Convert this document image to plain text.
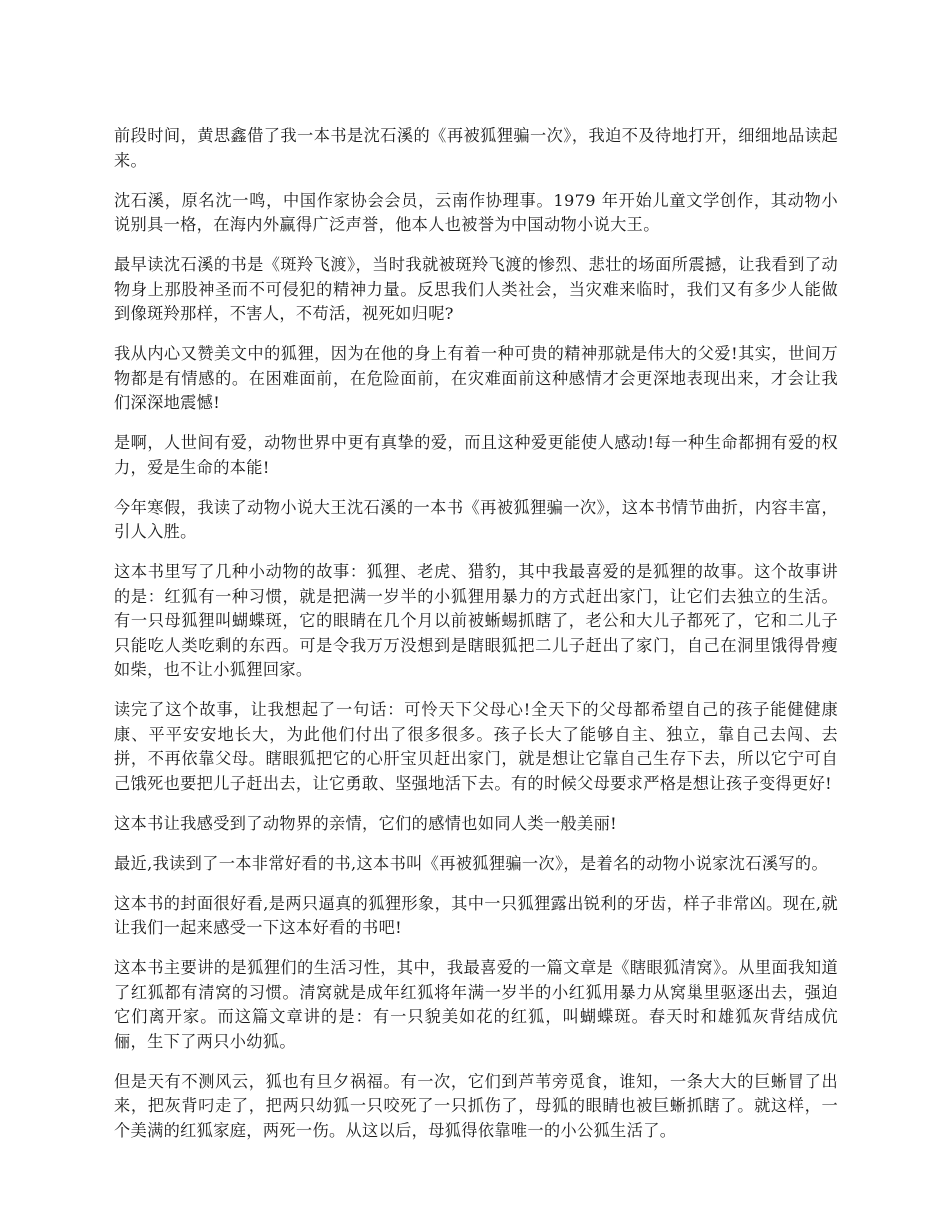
前段时间，黄思鑫借了我一本书是沈石溪的《再被狐狸骗一次》，我迫不及待地打开，细细地品读起来。

沈石溪，原名沈一鸣，中国作家协会会员，云南作协理事。1979 年开始儿童文学创作，其动物小说别具一格，在海内外赢得广泛声誉，他本人也被誉为中国动物小说大王。

最早读沈石溪的书是《斑羚飞渡》，当时我就被斑羚飞渡的惨烈、悲壮的场面所震撼，让我看到了动物身上那股神圣而不可侵犯的精神力量。反思我们人类社会，当灾难来临时，我们又有多少人能做到像斑羚那样，不害人，不苟活，视死如归呢?

我从内心又赞美文中的狐狸，因为在他的身上有着一种可贵的精神那就是伟大的父爱!其实，世间万物都是有情感的。在困难面前，在危险面前，在灾难面前这种感情才会更深地表现出来，才会让我们深深地震憾!

是啊，人世间有爱，动物世界中更有真挚的爱，而且这种爱更能使人感动!每一种生命都拥有爱的权力，爱是生命的本能!

今年寒假，我读了动物小说大王沈石溪的一本书《再被狐狸骗一次》，这本书情节曲折，内容丰富，引人入胜。

这本书里写了几种小动物的故事：狐狸、老虎、猎豹，其中我最喜爱的是狐狸的故事。这个故事讲的是：红狐有一种习惯，就是把满一岁半的小狐狸用暴力的方式赶出家门，让它们去独立的生活。有一只母狐狸叫蝴蝶斑，它的眼睛在几个月以前被蜥蜴抓瞎了，老公和大儿子都死了，它和二儿子只能吃人类吃剩的东西。可是令我万万没想到是瞎眼狐把二儿子赶出了家门，自己在洞里饿得骨瘦如柴，也不让小狐狸回家。

读完了这个故事，让我想起了一句话：可怜天下父母心!全天下的父母都希望自己的孩子能健健康康、平平安安地长大，为此他们付出了很多很多。孩子长大了能够自主、独立，靠自己去闯、去拼，不再依靠父母。瞎眼狐把它的心肝宝贝赶出家门，就是想让它靠自己生存下去，所以它宁可自己饿死也要把儿子赶出去，让它勇敢、坚强地活下去。有的时候父母要求严格是想让孩子变得更好!

这本书让我感受到了动物界的亲情，它们的感情也如同人类一般美丽!

最近,我读到了一本非常好看的书,这本书叫《再被狐狸骗一次》，是着名的动物小说家沈石溪写的。

这本书的封面很好看,是两只逼真的狐狸形象，其中一只狐狸露出锐利的牙齿，样子非常凶。现在,就让我们一起来感受一下这本好看的书吧!

这本书主要讲的是狐狸们的生活习性，其中，我最喜爱的一篇文章是《瞎眼狐清窝》。从里面我知道了红狐都有清窝的习惯。清窝就是成年红狐将年满一岁半的小红狐用暴力从窝巢里驱逐出去，强迫它们离开家。而这篇文章讲的是：有一只貌美如花的红狐，叫蝴蝶斑。春天时和雄狐灰背结成伉俪，生下了两只小幼狐。

但是天有不测风云，狐也有旦夕祸福。有一次，它们到芦苇旁觅食，谁知，一条大大的巨蜥冒了出来，把灰背叼走了，把两只幼狐一只咬死了一只抓伤了，母狐的眼睛也被巨蜥抓瞎了。就这样，一个美满的红狐家庭，两死一伤。从这以后，母狐得依靠唯一的小公狐生活了。
